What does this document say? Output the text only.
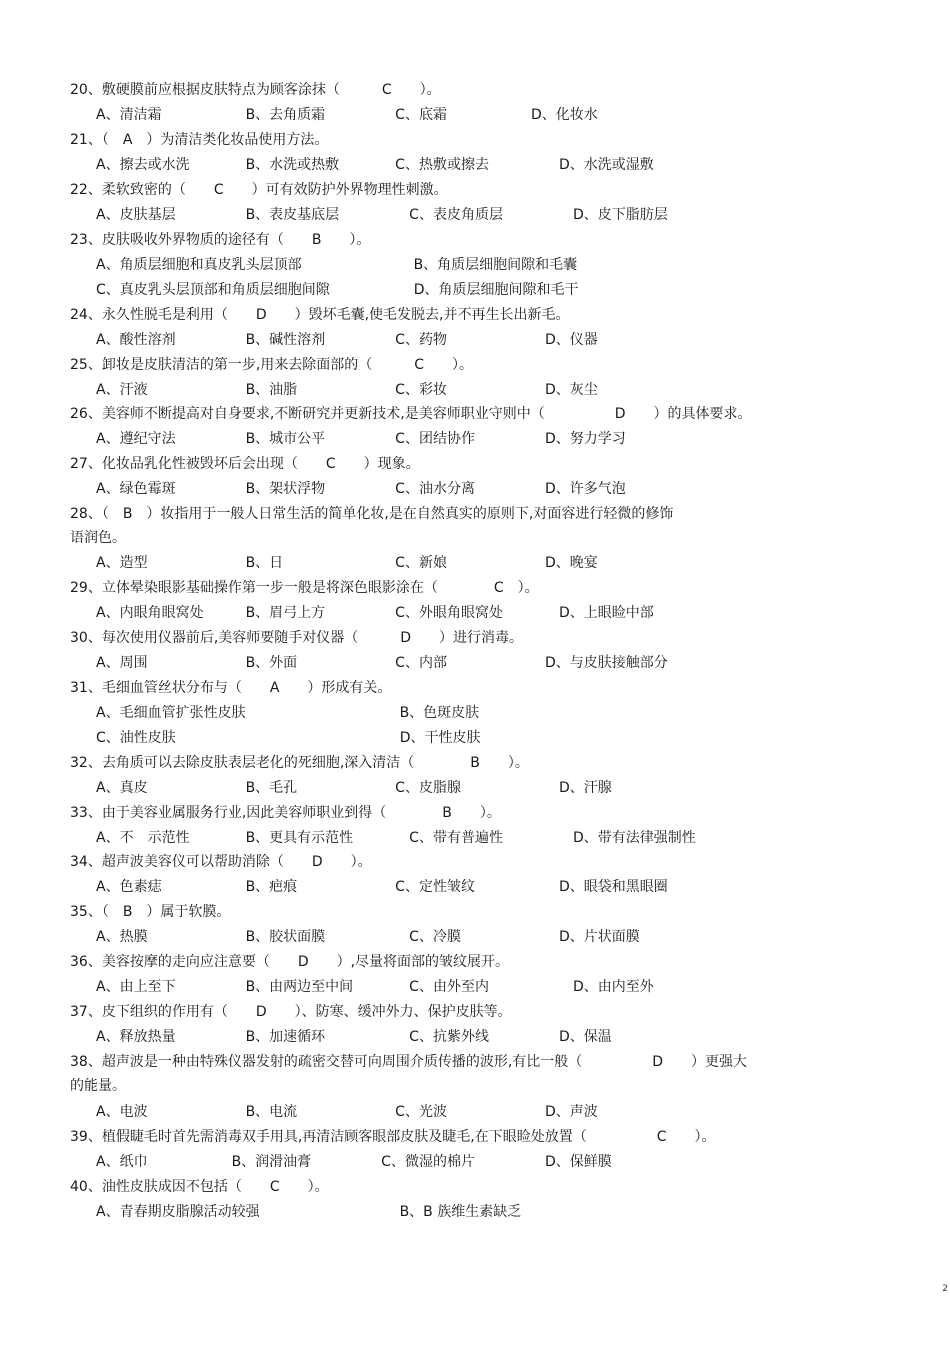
20、敷硬膜前应根据皮肤特点为顾客涂抹（　　　C　　）。
A、清洁霜　　　　　　B、去角质霜　　　　　C、底霜　　　　　　D、化妆水
21、（　A　）为清洁类化妆品使用方法。
A、擦去或水洗　　　　B、水洗或热敷　　　　C、热敷或擦去　　　　　D、水洗或湿敷
22、柔软致密的（　　C　　）可有效防护外界物理性刺激。
A、皮肤基层　　　　　B、表皮基底层　　　　　C、表皮角质层　　　　　D、皮下脂肪层
23、皮肤吸收外界物质的途径有（　　B　　）。
A、角质层细胞和真皮乳头层顶部　　　　　　　　B、角质层细胞间隙和毛囊
C、真皮乳头层顶部和角质层细胞间隙　　　　　　D、角质层细胞间隙和毛干
24、永久性脱毛是利用（　　D　　）毁坏毛囊,使毛发脱去,并不再生长出新毛。
A、酸性溶剂　　　　　B、碱性溶剂　　　　　C、药物　　　　　　　D、仪器
25、卸妆是皮肤清洁的第一步,用来去除面部的（　　　C　　）。
A、汗液　　　　　　　B、油脂　　　　　　　C、彩妆　　　　　　　D、灰尘
26、美容师不断提高对自身要求,不断研究并更新技术,是美容师职业守则中（　　　　　D　　）的具体要求。
A、遵纪守法　　　　　B、城市公平　　　　　C、团结协作　　　　　D、努力学习
27、化妆品乳化性被毁坏后会出现（　　C　　）现象。
A、绿色霉斑　　　　　B、架状浮物　　　　　C、油水分离　　　　　D、许多气泡
28、（　B　）妆指用于一般人日常生活的简单化妆,是在自然真实的原则下,对面容进行轻微的修饰
语润色。
A、造型　　　　　　　B、日　　　　　　　　C、新娘　　　　　　　D、晚宴
29、立体晕染眼影基础操作第一步一般是将深色眼影涂在（　　　　C　）。
A、内眼角眼窝处　　　B、眉弓上方　　　　　C、外眼角眼窝处　　　　D、上眼睑中部
30、每次使用仪器前后,美容师要随手对仪器（　　　D　　）进行消毒。
A、周围　　　　　　　B、外面　　　　　　　C、内部　　　　　　　D、与皮肤接触部分
31、毛细血管丝状分布与（　　A　　）形成有关。
A、毛细血管扩张性皮肤　　　　　　　　　　　B、色斑皮肤
C、油性皮肤　　　　　　　　　　　　　　　　D、干性皮肤
32、去角质可以去除皮肤表层老化的死细胞,深入清洁（　　　　B　　）。
A、真皮　　　　　　　B、毛孔　　　　　　　C、皮脂腺　　　　　　　D、汗腺
33、由于美容业属服务行业,因此美容师职业到得（　　　　B　　）。
A、不　示范性　　　　B、更具有示范性　　　　C、带有普遍性　　　　　D、带有法律强制性
34、超声波美容仪可以帮助消除（　　D　　）。
A、色素痣　　　　　　B、疤痕　　　　　　　C、定性皱纹　　　　　　D、眼袋和黑眼圈
35、（　B　）属于软膜。
A、热膜　　　　　　　B、胶状面膜　　　　　　C、冷膜　　　　　　　D、片状面膜
36、美容按摩的走向应注意要（　　D　　）,尽量将面部的皱纹展开。
A、由上至下　　　　　B、由两边至中间　　　　C、由外至内　　　　　　D、由内至外
37、皮下组织的作用有（　　D　　）、防寒、缓冲外力、保护皮肤等。
A、释放热量　　　　　B、加速循环　　　　　　C、抗紫外线　　　　　D、保温
38、超声波是一种由特殊仪器发射的疏密交替可向周围介质传播的波形,有比一般（　　　　　D　　）更强大
的能量。
A、电波　　　　　　　B、电流　　　　　　　C、光波　　　　　　　D、声波
39、植假睫毛时首先需消毒双手用具,再清洁顾客眼部皮肤及睫毛,在下眼睑处放置（　　　　　C　　）。
A、纸巾　　　　　　B、润滑油膏　　　　　C、微湿的棉片　　　　　D、保鲜膜
40、油性皮肤成因不包括（　　C　　）。
A、青春期皮脂腺活动较强　　　　　　　　　　B、B 族维生素缺乏
2
